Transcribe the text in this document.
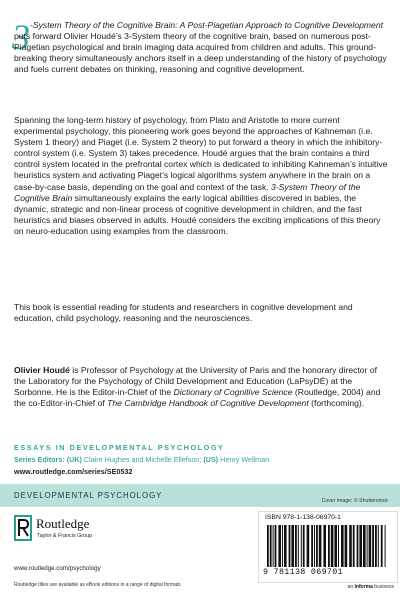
3 -System Theory of the Cognitive Brain: A Post-Piagetian Approach to Cognitive Development puts forward Olivier Houdé’s 3-System theory of the cognitive brain, based on numerous post-Piagetian psychological and brain imaging data acquired from children and adults. This ground-breaking theory simultaneously anchors itself in a deep understanding of the history of psychology and fuels current debates on thinking, reasoning and cognitive development.

Spanning the long-term history of psychology, from Plato and Aristotle to more current experimental psychology, this pioneering work goes beyond the approaches of Kahneman (i.e. System 1 theory) and Piaget (i.e. System 2 theory) to put forward a theory in which the inhibitory-control system (i.e. System 3) takes precedence. Houdé argues that the brain contains a third control system located in the prefrontal cortex which is dedicated to inhibiting Kahneman’s intuitive heuristics system and activating Piaget’s logical algorithms system anywhere in the brain on a case-by-case basis, depending on the goal and context of the task. 3-System Theory of the Cognitive Brain simultaneously explains the early logical abilities discovered in babies, the dynamic, strategic and non-linear process of cognitive development in children, and the fast heuristics and biases observed in adults. Houdé considers the exciting implications of this theory on neuro-education using examples from the classroom.

This book is essential reading for students and researchers in cognitive development and education, child psychology, reasoning and the neurosciences.

Olivier Houdé is Professor of Psychology at the University of Paris and the honorary director of the Laboratory for the Psychology of Child Development and Education (LaPsyDÉ) at the Sorbonne. He is the Editor-in-Chief of the Dictionary of Cognitive Science (Routledge, 2004) and the co-Editor-in-Chief of The Cambridge Handbook of Cognitive Development (forthcoming).

ESSAYS IN DEVELOPMENTAL PSYCHOLOGY
Series Editors: (UK) Claire Hughes and Michelle Ellefson; (US) Henry Wellman
www.routledge.com/series/SE0532
DEVELOPMENTAL PSYCHOLOGY
Cover image: © Shutterstock
Routledge
Taylor & Francis Group
www.routledge.com/psychology
Routledge titles are available as eBook editions in a range of digital formats
ISBN 978-1-138-06970-1
9 781138 069701
an informa business
